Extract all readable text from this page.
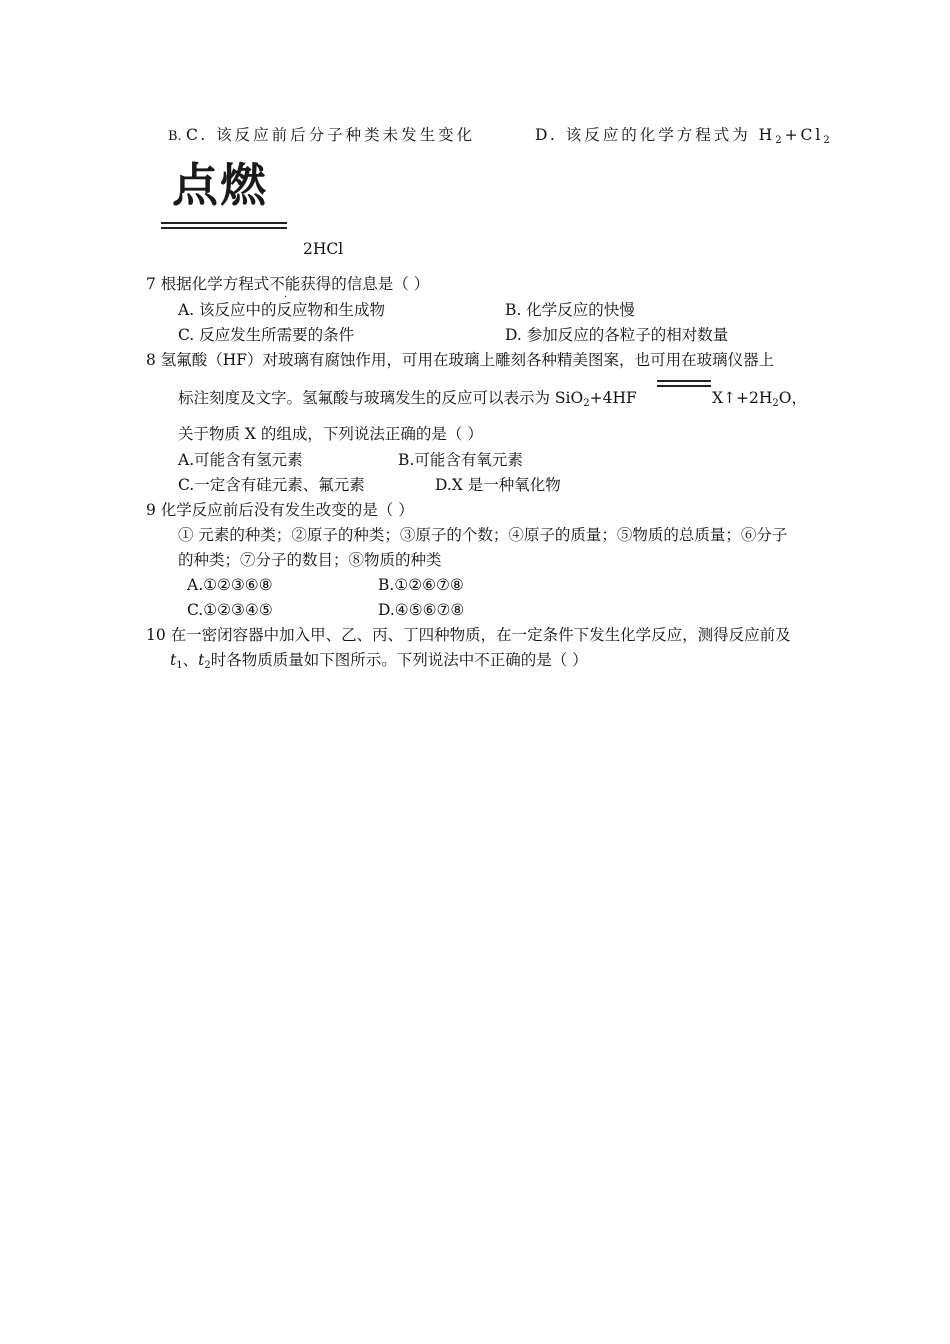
B. C. 该反应前后分子种类未发生变化	D. 该反应的化学方程式为 $H_2+Cl_2$
点燃
2HCl
7 根据化学方程式不能获得的信息是（ ）
·
A. 该反应中的反应物和生成物	B. 化学反应的快慢
C. 反应发生所需要的条件	D. 参加反应的各粒子的相对数量
8 氢氟酸（HF）对玻璃有腐蚀作用，可用在玻璃上雕刻各种精美图案，也可用在玻璃仪器上
标注刻度及文字。氢氟酸与玻璃发生的反应可以表示为 SiO$_2$+4HF	$X↑+2H_2O$，
关于物质 X 的组成，下列说法正确的是（ ）
A.可能含有氢元素	B.可能含有氧元素
C.一定含有硅元素、氟元素	D.X 是一种氧化物
9 化学反应前后没有发生改变的是（ ）
① 元素的种类；②原子的种类；③原子的个数；④原子的质量；⑤物质的总质量；⑥分子
的种类；⑦分子的数目；⑧物质的种类
A.①②③⑥⑧	B.①②⑥⑦⑧
C.①②③④⑤	D.④⑤⑥⑦⑧
10 在一密闭容器中加入甲、乙、丙、丁四种物质，在一定条件下发生化学反应，测得反应前及
$t_1$、$t_2$时各物质质量如下图所示。下列说法中不正确的是（ ）
